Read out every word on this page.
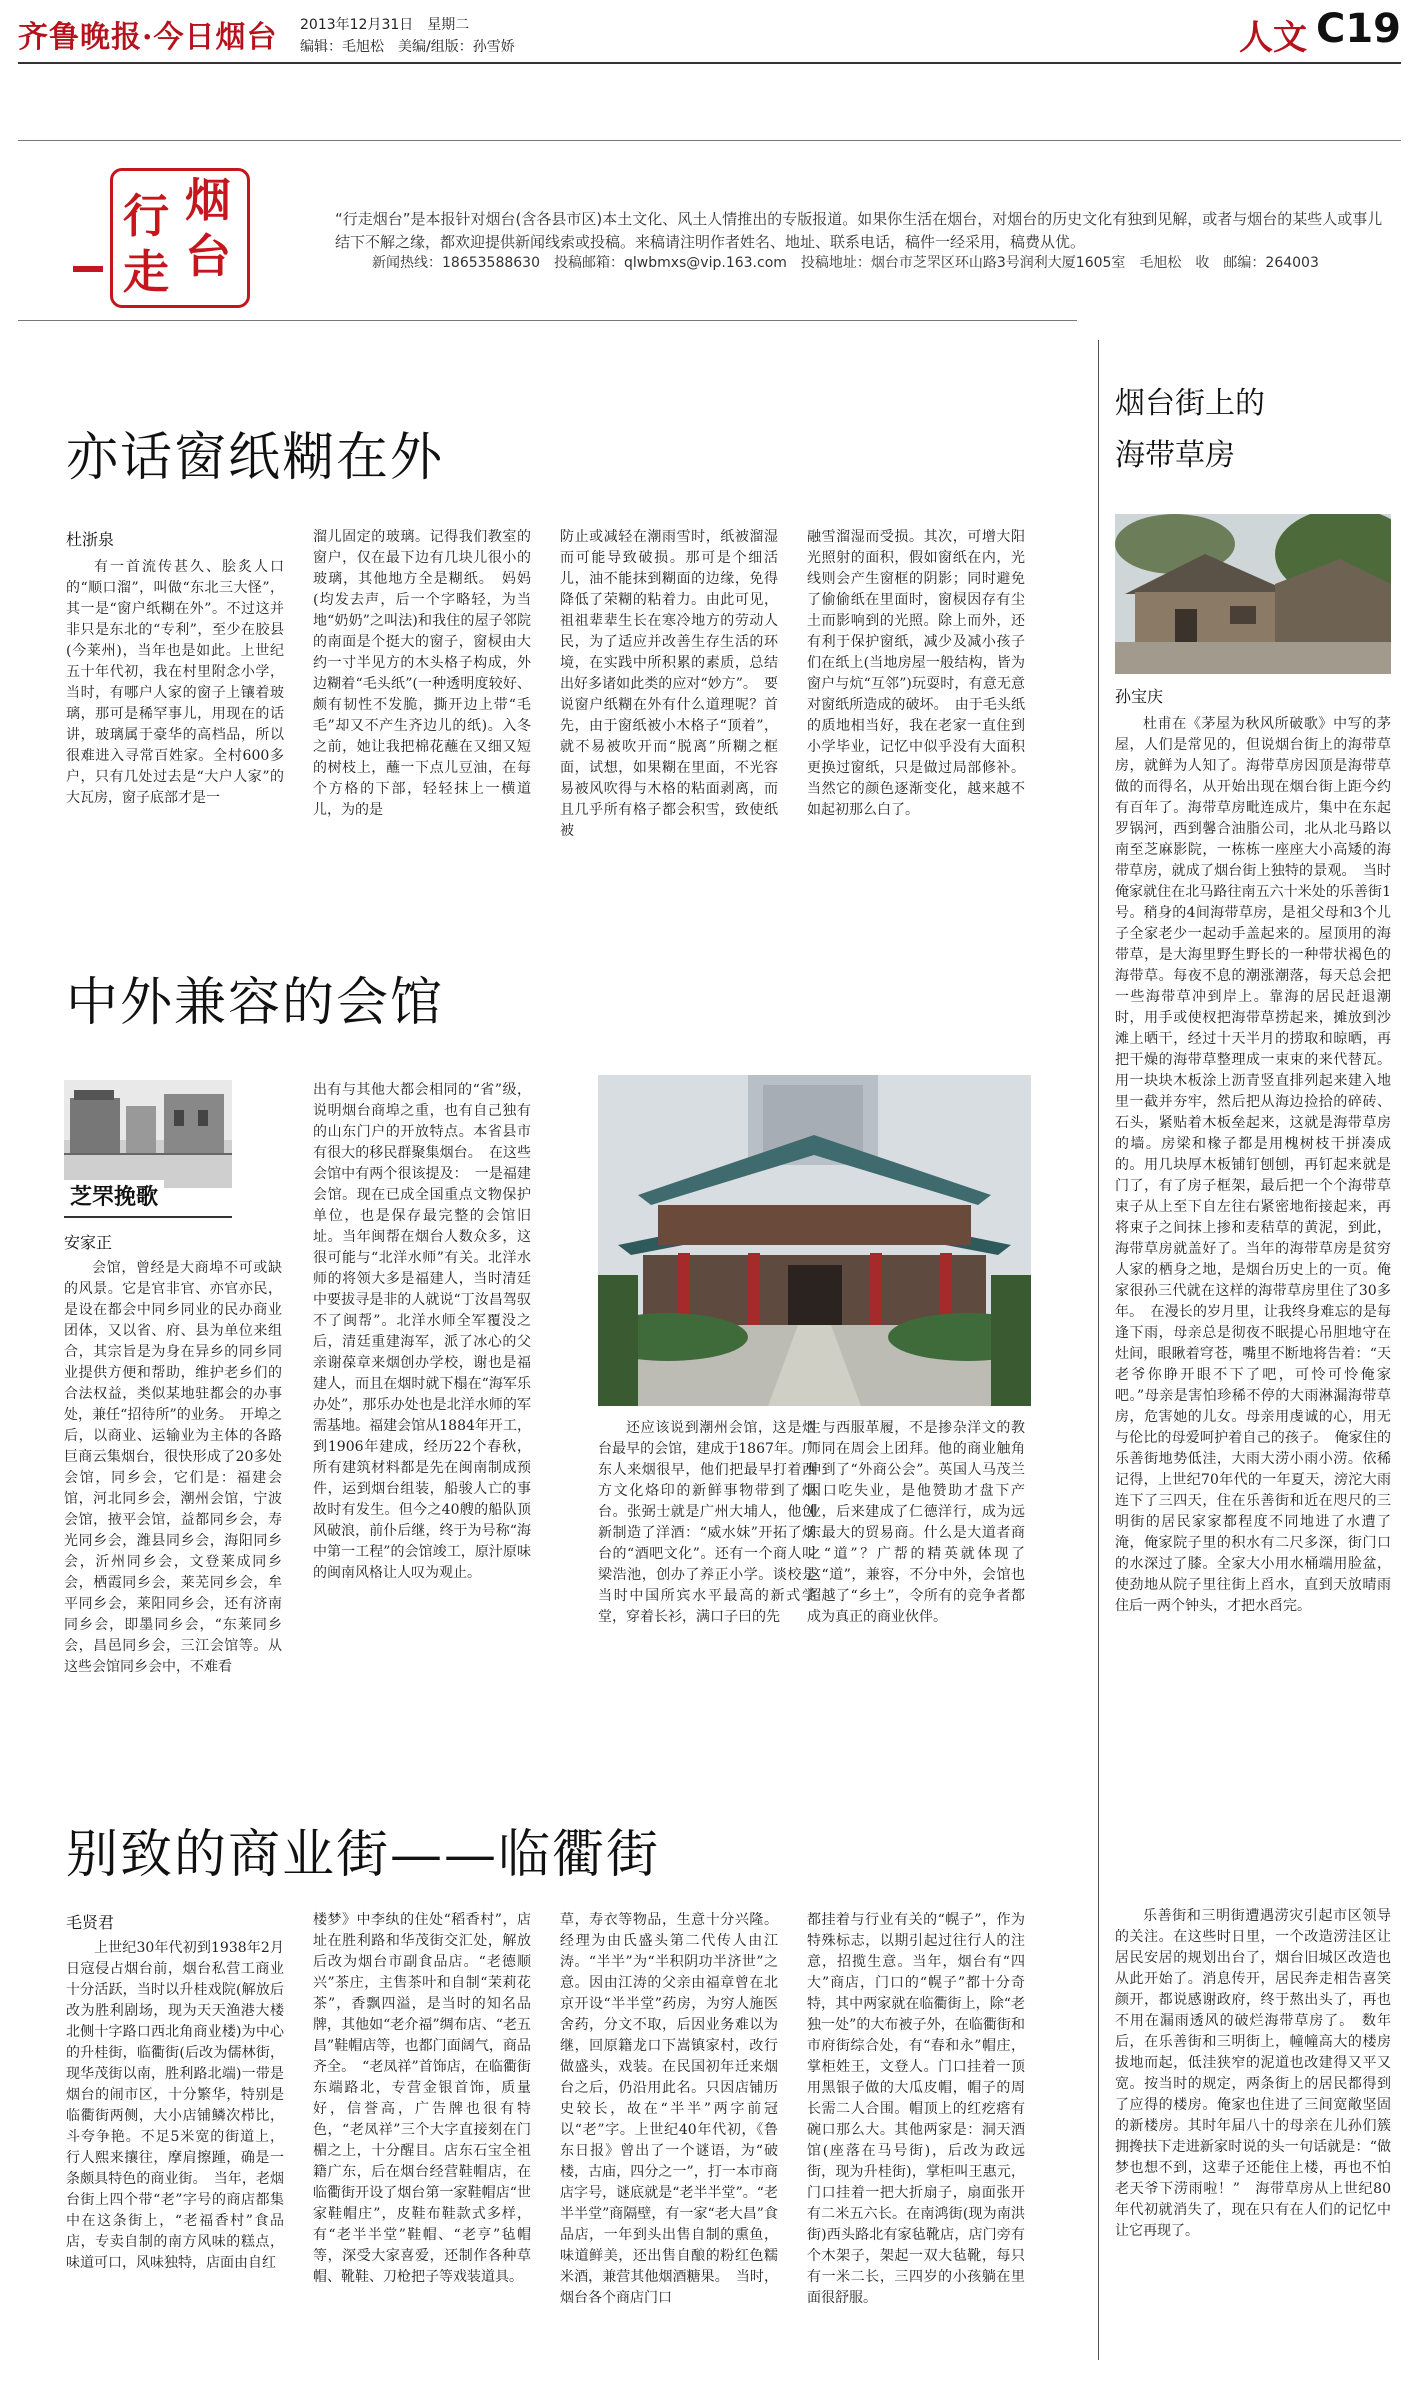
齐鲁晚报·今日烟台 2013年12月31日　星期二
编辑：毛旭松　美编/组版：孙雪娇	人文 C19
行 烟
走 台
“行走烟台”是本报针对烟台(含各县市区)本土文化、风土人情推出的专版报道。如果你生活在烟台，对烟台的历史文化有独到见解，或者与烟台的某些人或事儿结下不解之缘，都欢迎提供新闻线索或投稿。来稿请注明作者姓名、地址、联系电话，稿件一经采用，稿费从优。
新闻热线：18653588630　投稿邮箱：qlwbmxs@vip.163.com　投稿地址：烟台市芝罘区环山路3号润利大厦1605室　毛旭松　收　邮编：264003
亦话窗纸糊在外
杜浙泉
有一首流传甚久、脍炙人口的“顺口溜”，叫做“东北三大怪”，其一是“窗户纸糊在外”。不过这并非只是东北的“专利”，至少在胶县(今莱州)，当年也是如此。上世纪五十年代初，我在村里附念小学，当时，有哪户人家的窗子上镶着玻璃，那可是稀罕事儿，用现在的话讲，玻璃属于豪华的高档品，所以很难进入寻常百姓家。全村600多户，只有几处过去是“大户人家”的大瓦房，窗子底部才是一
溜儿固定的玻璃。记得我们教室的窗户，仅在最下边有几块儿很小的玻璃，其他地方全是糊纸。　妈妈(均发去声，后一个字略轻，为当地“奶奶”之叫法)和我住的屋子邻院的南面是个挺大的窗子，窗棂由大约一寸半见方的木头格子构成，外边糊着“毛头纸”(一种透明度较好、颇有韧性不发脆，撕开边上带“毛毛”却又不产生齐边儿的纸)。入冬之前，她让我把棉花蘸在又细又短的树枝上，蘸一下点儿豆油，在每个方格的下部，轻轻抹上一横道儿，为的是
防止或减轻在潮雨雪时，纸被溜湿而可能导致破损。那可是个细活儿，油不能抹到糊面的边缘，免得降低了荣糊的粘着力。由此可见，祖祖辈辈生长在寒冷地方的劳动人民，为了适应并改善生存生活的环境，在实践中所积累的素质，总结出好多诸如此类的应对“妙方”。　要说窗户纸糊在外有什么道理呢？首先，由于窗纸被小木格子“顶着”，就不易被吹开而“脱离”所糊之框面，试想，如果糊在里面，不光容易被风吹得与木格的粘面剥离，而且几乎所有格子都会积雪，致使纸被
融雪溜湿而受损。其次，可增大阳光照射的面积，假如窗纸在内，光线则会产生窗框的阴影；同时避免了偷偷纸在里面时，窗棂因存有尘土而影响到的光照。除上而外，还有利于保护窗纸，减少及减小孩子们在纸上(当地房屋一般结构，皆为窗户与炕“互邻”)玩耍时，有意无意对窗纸所造成的破坏。　由于毛头纸的质地相当好，我在老家一直住到小学毕业，记忆中似乎没有大面积更换过窗纸，只是做过局部修补。当然它的颜色逐渐变化，越来越不如起初那么白了。
中外兼容的会馆
芝罘挽歌
安家正
会馆，曾经是大商埠不可或缺的风景。它是官非官、亦官亦民，是设在都会中同乡同业的民办商业团体，又以省、府、县为单位来组合，其宗旨是为身在异乡的同乡同业提供方便和帮助，维护老乡们的合法权益，类似某地驻都会的办事处，兼任“招待所”的业务。　开埠之后，以商业、运输业为主体的各路巨商云集烟台，很快形成了20多处会馆，同乡会，它们是：福建会馆，河北同乡会，潮州会馆，宁波会馆，掖平会馆，益都同乡会，寿光同乡会，潍县同乡会，海阳同乡会，沂州同乡会，文登莱成同乡会，栖霞同乡会，莱芜同乡会，牟平同乡会，莱阳同乡会，还有济南同乡会，即墨同乡会，“东莱同乡会，昌邑同乡会，三江会馆等。从这些会馆同乡会中，不难看
出有与其他大都会相同的“省”级，说明烟台商埠之重，也有自己独有的山东门户的开放特点。本省县市有很大的移民群聚集烟台。　在这些会馆中有两个很该提及：　一是福建会馆。现在已成全国重点文物保护单位，也是保存最完整的会馆旧址。当年闽帮在烟台人数众多，这很可能与“北洋水师”有关。北洋水师的将领大多是福建人，当时清廷中要拔寻是非的人就说“丁汝昌驾驭不了闽帮”。北洋水师全军覆没之后，清廷重建海军，派了冰心的父亲谢葆章来烟创办学校，谢也是福建人，而且在烟时就下榻在“海军乐办处”，那乐办处也是北洋水师的军需基地。福建会馆从1884年开工，到1906年建成，经历22个春秋，所有建筑材料都是先在闽南制成预件，运到烟台组装，船骏人亡的事故时有发生。但今之40艘的船队顶风破浪，前仆后继，终于为号称“海中第一工程”的会馆竣工，原汁原味的闽南风格让人叹为观止。
还应该说到潮州会馆，这是烟台最早的会馆，建成于1867年。广东人来烟很早，他们把最早打着西方文化烙印的新鲜事物带到了烟台。张弼士就是广州大埔人，他创新制造了洋酒：“威水妹”开拓了烟台的“酒吧文化”。还有一个商人叫梁浩池，创办了养正小学。谈校是当时中国所宾水平最高的新式学堂，穿着长衫，满口子曰的先
生与西服革履，不是掺杂洋文的教师同在周会上团拜。他的商业触角伸到了“外商公会”。英国人马茂兰因口吃失业，是他赞助才盘下产业，后来建成了仁德洋行，成为远东最大的贸易商。什么是大道者商之“道”？广帮的精英就体现了这“道”，兼容，不分中外，会馆也超越了“乡土”，令所有的竞争者都成为真正的商业伙伴。
别致的商业街——临衢街
毛贤君
上世纪30年代初到1938年2月日寇侵占烟台前，烟台私营工商业十分活跃，当时以升桂戏院(解放后改为胜利剧场，现为天天渔港大楼北侧十字路口西北角商业楼)为中心的升桂街，临衢街(后改为儒林街，现华茂街以南，胜利路北端)一带是烟台的闹市区，十分繁华，特别是临衢街两侧，大小店铺鳞次栉比，斗夸争艳。不足5米宽的街道上，行人熙来攘往，摩肩擦踵，确是一条颇具特色的商业街。　当年，老烟台街上四个带“老”字号的商店都集中在这条街上，“老福香村”食品店，专卖自制的南方风味的糕点，味道可口，风味独特，店面由自红
楼梦》中李纨的住处“稻香村”，店址在胜利路和华茂街交汇处，解放后改为烟台市副食品店。“老德顺兴”茶庄，主售茶叶和自制“茉莉花茶”，香飘四溢，是当时的知名品牌，其他如“老介福”绸布店、“老五昌”鞋帽店等，也都门面阔气，商品齐全。　“老凤祥”首饰店，在临衢街东端路北，专营金银首饰，质量好，信誉高，广告牌也很有特色，“老凤祥”三个大字直接刻在门楣之上，十分醒目。店东石宝全祖籍广东，后在烟台经营鞋帽店，在临衢街开设了烟台第一家鞋帽店“世家鞋帽庄”，皮鞋布鞋款式多样，有“老半半堂”鞋帽、“老亨”毡帽等，深受大家喜爱，还制作各种草帽、靴鞋、刀枪把子等戏装道具。
草，寿衣等物品，生意十分兴隆。经理为由氏盛头第二代传人由江涛。“半半”为“半积阴功半济世”之意。因由江涛的父亲由福章曾在北京开设“半半堂”药房，为穷人施医舍药，分文不取，后因业务难以为继，回原籍龙口下嵩镇家村，改行做盛头，戏装。在民国初年迁来烟台之后，仍沿用此名。只因店铺历史较长，故在“半半”两字前冠以“老”字。上世纪40年代初，《鲁东日报》曾出了一个谜语，为“破楼，古庙，四分之一”，打一本市商店字号，谜底就是“老半半堂”。“老半半堂”商隔壁，有一家“老大昌”食品店，一年到头出售自制的熏鱼，味道鲜美，还出售自酿的粉红色糯米酒，兼营其他烟酒糖果。　当时，烟台各个商店门口
都挂着与行业有关的“幌子”，作为特殊标志，以期引起过往行人的注意，招揽生意。当年，烟台有“四大”商店，门口的“幌子”都十分奇特，其中两家就在临衢街上，除“老独一处”的大布被子外，在临衢街和市府街综合处，有“春和永”帽庄，掌柜姓王，文登人。门口挂着一顶用黑银子做的大瓜皮帽，帽子的周长需二人合围。帽顶上的红疙瘩有碗口那么大。其他两家是：洞天酒馆(座落在马号街)，后改为政远街，现为升桂街)，掌柜叫王惠元，门口挂着一把大折扇子，扇面张开有二米五六长。在南鸿街(现为南洪街)西头路北有家毡靴店，店门旁有个木架子，架起一双大毡靴，每只有一米二长，三四岁的小孩躺在里面很舒服。
烟台街上的
海带草房
孙宝庆
杜甫在《茅屋为秋风所破歌》中写的茅屋，人们是常见的，但说烟台街上的海带草房，就鲜为人知了。海带草房因顶是海带草做的而得名，从开始出现在烟台街上距今约有百年了。海带草房毗连成片，集中在东起罗锅河，西到馨合油脂公司，北从北马路以南至芝麻影院，一栋栋一座座大小高矮的海带草房，就成了烟台街上独特的景观。　当时俺家就住在北马路往南五六十米处的乐善街1号。稍身的4间海带草房，是祖父母和3个儿子全家老少一起动手盖起来的。屋顶用的海带草，是大海里野生野长的一种带状褐色的海带草。每夜不息的潮涨潮落，每天总会把一些海带草冲到岸上。靠海的居民赶退潮时，用手或使杈把海带草捞起来，摊放到沙滩上晒干，经过十天半月的捞取和晾晒，再把干燥的海带草整理成一束束的来代替瓦。用一块块木板涂上沥青竖直排列起来建入地里一截并夯牢，然后把从海边捡拾的碎砖、石头，紧贴着木板垒起来，这就是海带草房的墙。房梁和椽子都是用槐树枝干拼凑成的。用几块厚木板铺钉刨刨，再钉起来就是门了，有了房子框架，最后把一个个海带草束子从上至下自左往右紧密地衔接起来，再将束子之间抹上掺和麦秸草的黄泥，到此，海带草房就盖好了。当年的海带草房是贫穷人家的栖身之地，是烟台历史上的一页。俺家很孙三代就在这样的海带草房里住了30多年。　在漫长的岁月里，让我终身难忘的是每逢下雨，母亲总是彻夜不眠提心吊胆地守在灶间，眼瞅着穹苍，嘴里不断地将告着：“天老爷你睁开眼不下了吧，可怜可怜俺家吧。”母亲是害怕珍稀不停的大雨淋漏海带草房，危害她的儿女。母亲用虔诚的心，用无与伦比的母爱呵护着自己的孩子。　俺家住的乐善街地势低洼，大雨大涝小雨小涝。依稀记得，上世纪70年代的一年夏天，滂沱大雨连下了三四天，住在乐善街和近在咫尺的三明街的居民家家都程度不同地进了水遭了淹，俺家院子里的积水有二尺多深，街门口的水深过了膝。全家大小用水桶端用脸盆，使劲地从院子里往街上舀水，直到天放晴雨住后一两个钟头，才把水舀完。
乐善街和三明街遭遇涝灾引起市区领导的关注。在这些时日里，一个改造涝洼区让居民安居的规划出台了，烟台旧城区改造也从此开始了。消息传开，居民奔走相告喜笑颜开，都说感谢政府，终于熬出头了，再也不用在漏雨透风的破烂海带草房了。　数年后，在乐善街和三明街上，幢幢高大的楼房拔地而起，低洼狭窄的泥道也改建得又平又宽。按当时的规定，两条街上的居民都得到了应得的楼房。俺家也住进了三间宽敞坚固的新楼房。其时年届八十的母亲在儿孙们簇拥搀扶下走进新家时说的头一句话就是：“做梦也想不到，这辈子还能住上楼，再也不怕老天爷下涝雨啦！”　海带草房从上世纪80年代初就消失了，现在只有在人们的记忆中让它再现了。
